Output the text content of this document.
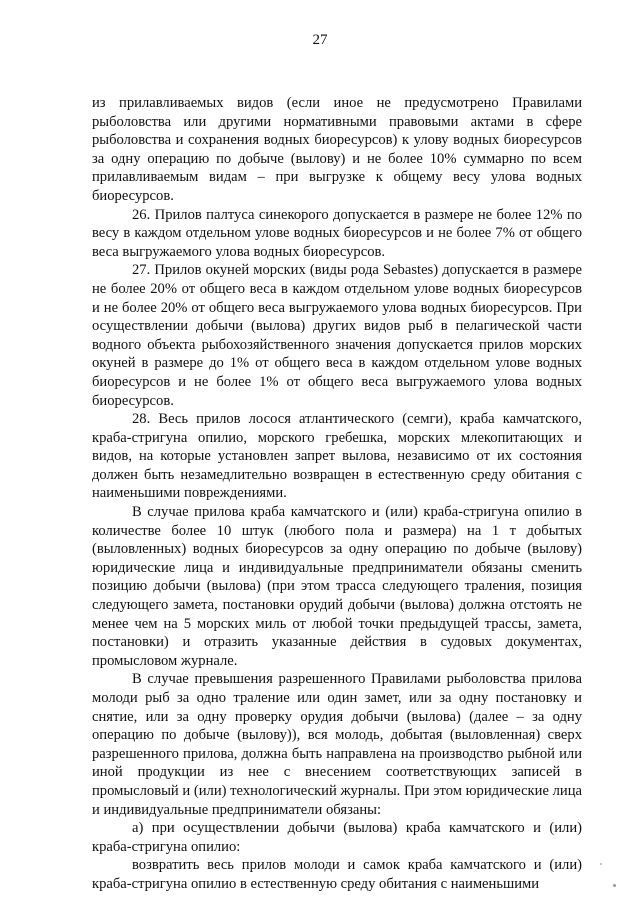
27

из прилавливаемых видов (если иное не предусмотрено Правилами рыболовства или другими нормативными правовыми актами в сфере рыболовства и сохранения водных биоресурсов) к улову водных биоресурсов за одну операцию по добыче (вылову) и не более 10% суммарно по всем прилавливаемым видам – при выгрузке к общему весу улова водных биоресурсов.

26. Прилов палтуса синекорого допускается в размере не более 12% по весу в каждом отдельном улове водных биоресурсов и не более 7% от общего веса выгружаемого улова водных биоресурсов.

27. Прилов окуней морских (виды рода Sebastes) допускается в размере не более 20% от общего веса в каждом отдельном улове водных биоресурсов и не более 20% от общего веса выгружаемого улова водных биоресурсов. При осуществлении добычи (вылова) других видов рыб в пелагической части водного объекта рыбохозяйственного значения допускается прилов морских окуней в размере до 1% от общего веса в каждом отдельном улове водных биоресурсов и не более 1% от общего веса выгружаемого улова водных биоресурсов.

28. Весь прилов лосося атлантического (семги), краба камчатского, краба-стригуна опилио, морского гребешка, морских млекопитающих и видов, на которые установлен запрет вылова, независимо от их состояния должен быть незамедлительно возвращен в естественную среду обитания с наименьшими повреждениями.

В случае прилова краба камчатского и (или) краба-стригуна опилио в количестве более 10 штук (любого пола и размера) на 1 т добытых (выловленных) водных биоресурсов за одну операцию по добыче (вылову) юридические лица и индивидуальные предприниматели обязаны сменить позицию добычи (вылова) (при этом трасса следующего траления, позиция следующего замета, постановки орудий добычи (вылова) должна отстоять не менее чем на 5 морских миль от любой точки предыдущей трассы, замета, постановки) и отразить указанные действия в судовых документах, промысловом журнале.

В случае превышения разрешенного Правилами рыболовства прилова молоди рыб за одно траление или один замет, или за одну постановку и снятие, или за одну проверку орудия добычи (вылова) (далее – за одну операцию по добыче (вылову)), вся молодь, добытая (выловленная) сверх разрешенного прилова, должна быть направлена на производство рыбной или иной продукции из нее с внесением соответствующих записей в промысловый и (или) технологический журналы. При этом юридические лица и индивидуальные предприниматели обязаны:

а) при осуществлении добычи (вылова) краба камчатского и (или) краба-стригуна опилио:

возвратить весь прилов молоди и самок краба камчатского и (или) краба-стригуна опилио в естественную среду обитания с наименьшими
